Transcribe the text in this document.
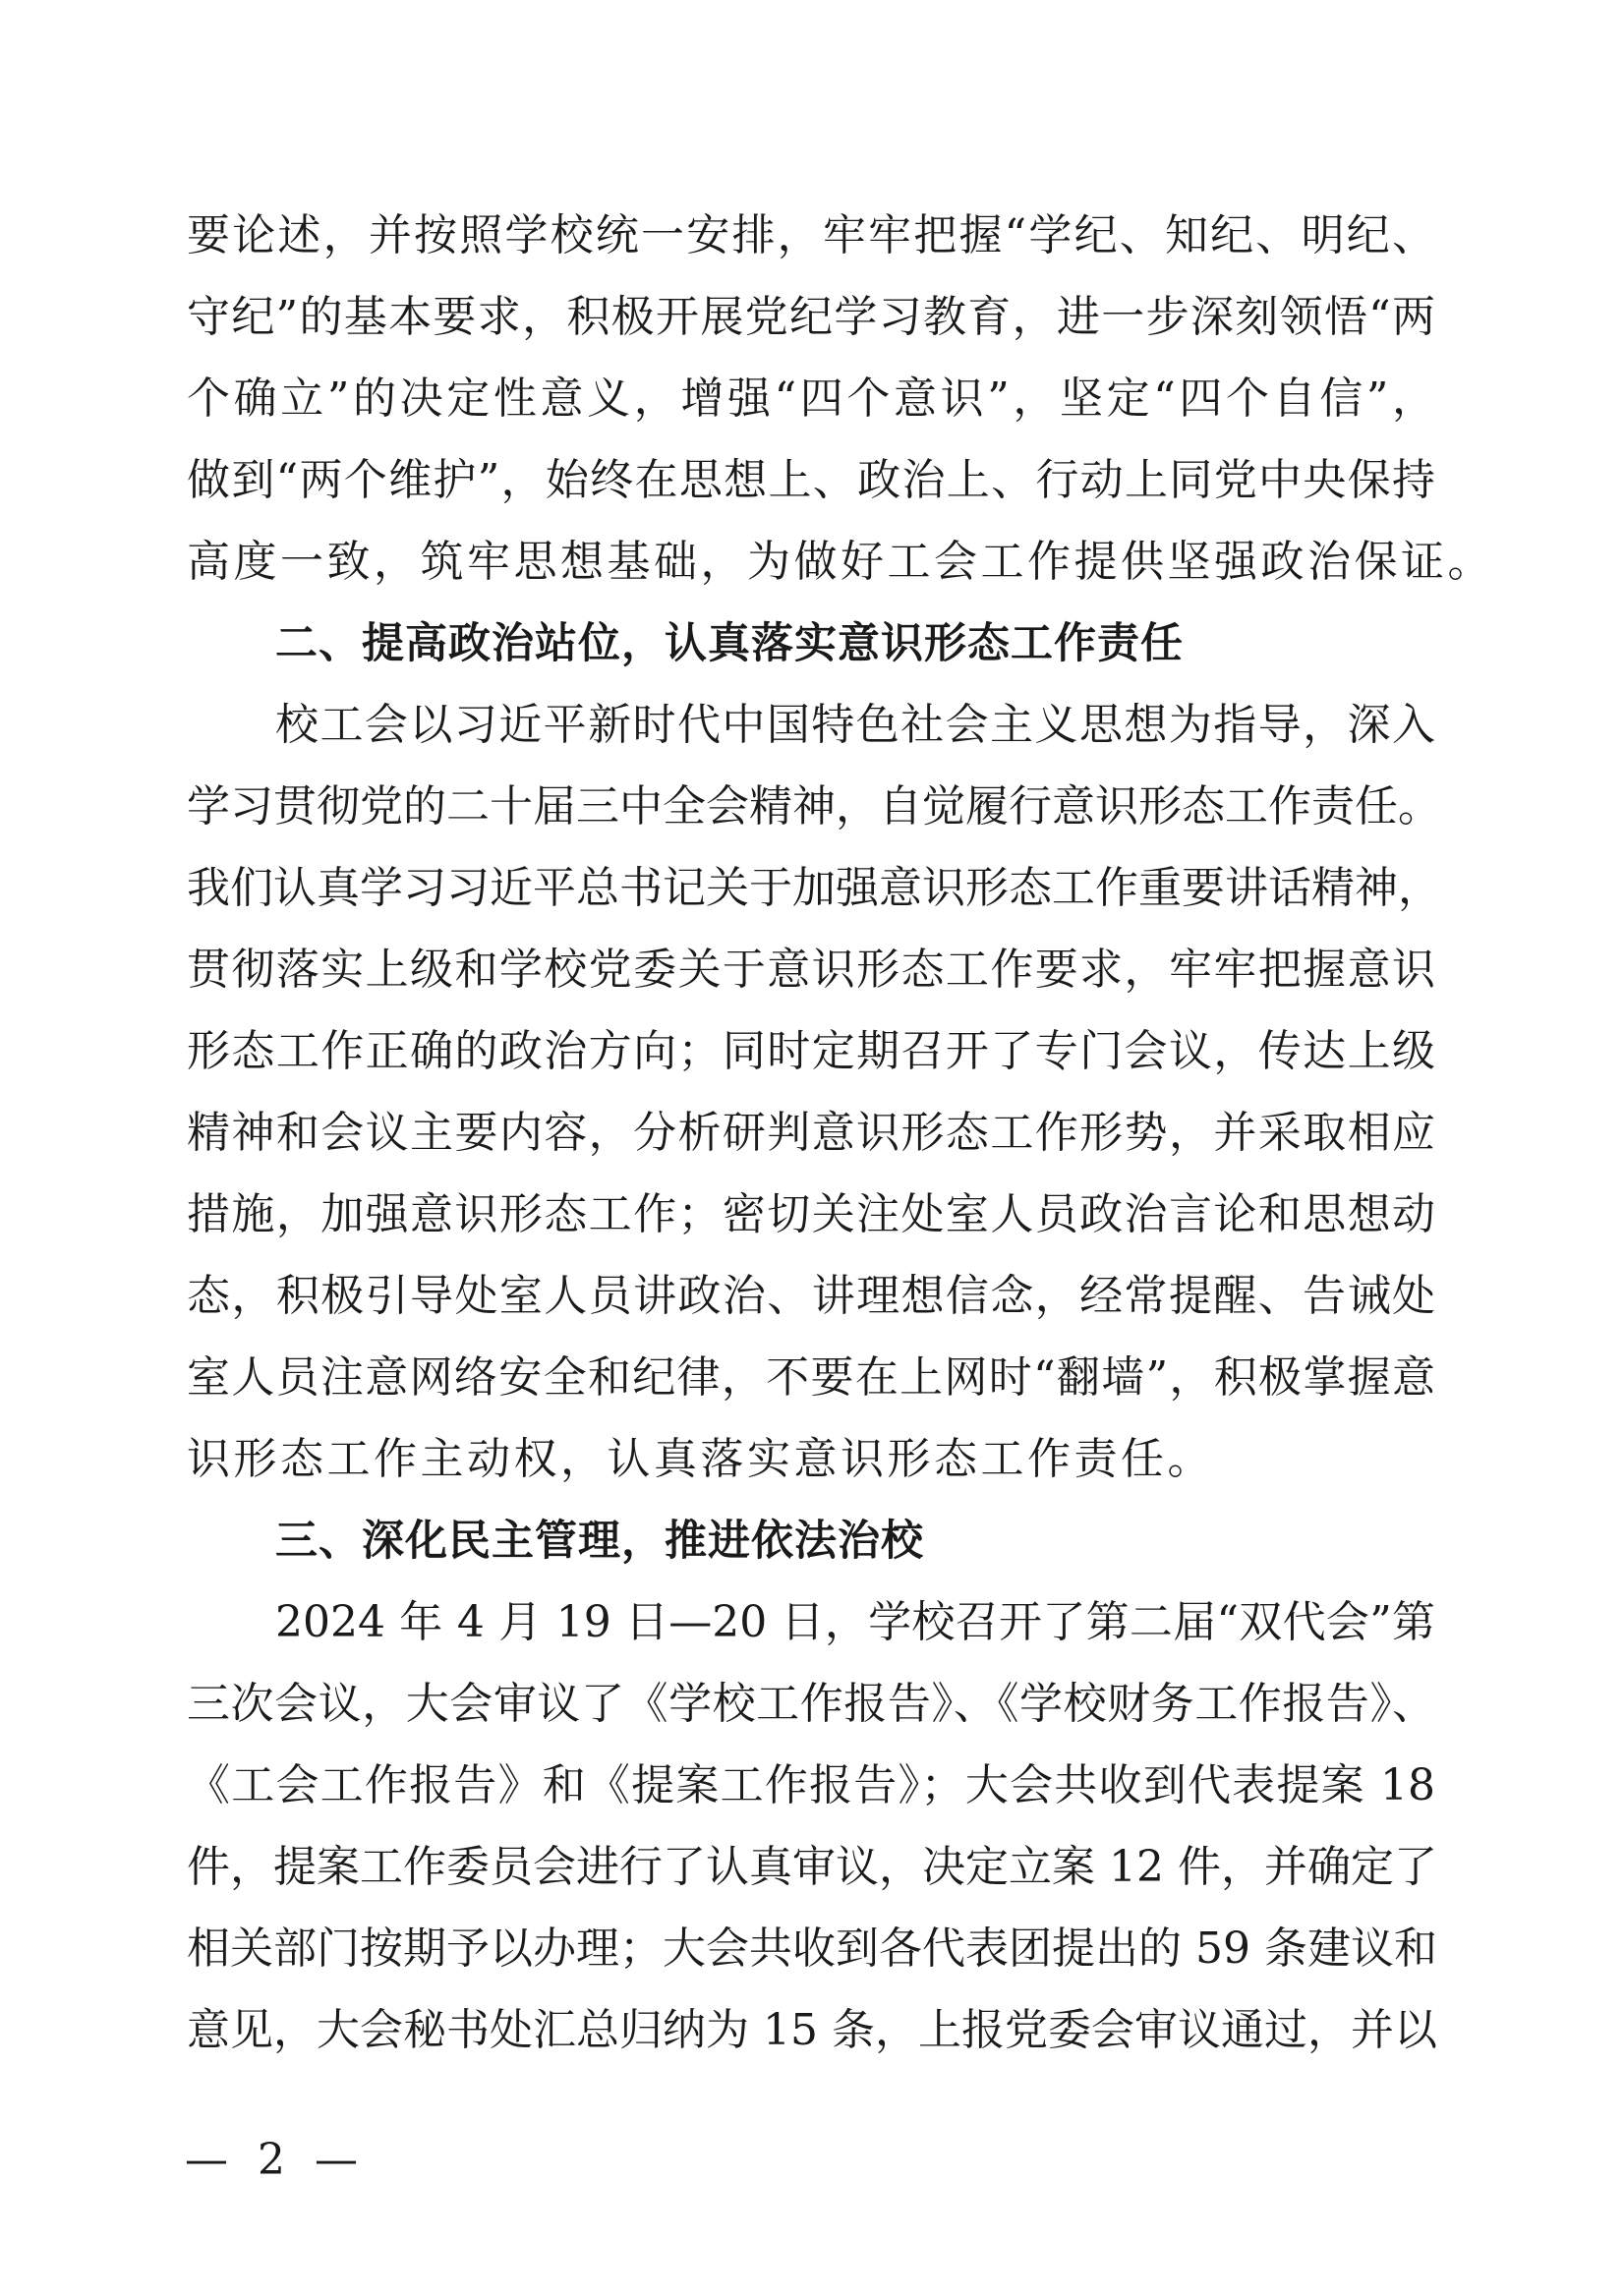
要论述，并按照学校统一安排，牢牢把握“学纪、知纪、明纪、
守纪”的基本要求，积极开展党纪学习教育，进一步深刻领悟“两
个确立”的决定性意义，增强“四个意识”，坚定“四个自信”，
做到“两个维护”，始终在思想上、政治上、行动上同党中央保持
高度一致，筑牢思想基础，为做好工会工作提供坚强政治保证。
二、提高政治站位，认真落实意识形态工作责任
校工会以习近平新时代中国特色社会主义思想为指导，深入
学习贯彻党的二十届三中全会精神，自觉履行意识形态工作责任。
我们认真学习习近平总书记关于加强意识形态工作重要讲话精神，
贯彻落实上级和学校党委关于意识形态工作要求，牢牢把握意识
形态工作正确的政治方向；同时定期召开了专门会议，传达上级
精神和会议主要内容，分析研判意识形态工作形势，并采取相应
措施，加强意识形态工作；密切关注处室人员政治言论和思想动
态，积极引导处室人员讲政治、讲理想信念，经常提醒、告诫处
室人员注意网络安全和纪律，不要在上网时“翻墙”，积极掌握意
识形态工作主动权，认真落实意识形态工作责任。
三、深化民主管理，推进依法治校
2024 年 4 月 19 日—20 日，学校召开了第二届“双代会”第
三次会议，大会审议了《学校工作报告》、《学校财务工作报告》、
《工会工作报告》和《提案工作报告》；大会共收到代表提案 18
件，提案工作委员会进行了认真审议，决定立案 12 件，并确定了
相关部门按期予以办理；大会共收到各代表团提出的 59 条建议和
意见，大会秘书处汇总归纳为 15 条，上报党委会审议通过，并以
— 2 —
